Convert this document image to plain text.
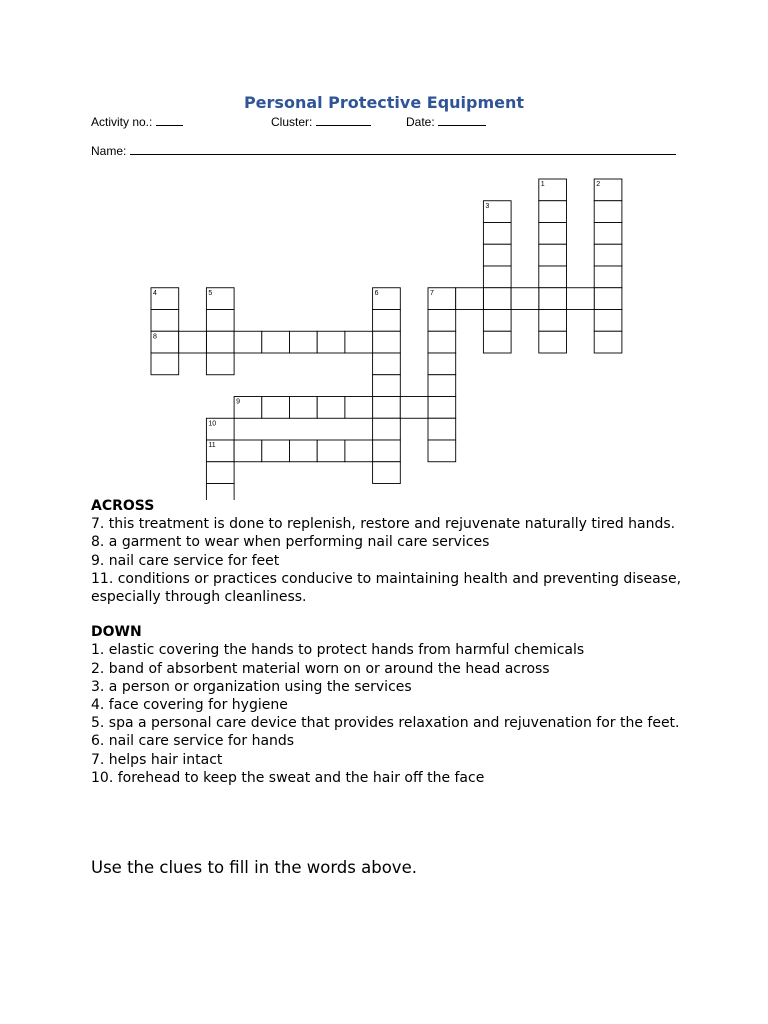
Personal Protective Equipment
Activity no.:	Cluster:	Date:
Name:
1	2
3
4	5	6	7
8
9
10
11
ACROSS
7. this treatment is done to replenish, restore and rejuvenate naturally tired hands.
8. a garment to wear when performing nail care services
9. nail care service for feet
11. conditions or practices conducive to maintaining health and preventing disease, especially through cleanliness.
DOWN
1. elastic covering the hands to protect hands from harmful chemicals
2. band of absorbent material worn on or around the head across
3. a person or organization using the services
4. face covering for hygiene
5. spa a personal care device that provides relaxation and rejuvenation for the feet.
6. nail care service for hands
7. helps hair intact
10. forehead to keep the sweat and the hair off the face
Use the clues to fill in the words above.
